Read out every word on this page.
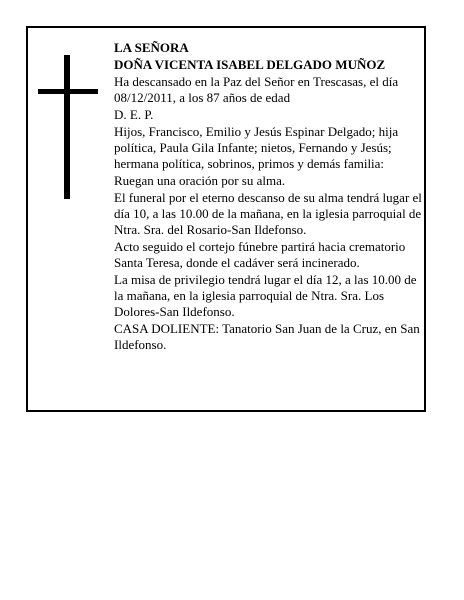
LA SEÑORA

DOÑA VICENTA ISABEL DELGADO MUÑOZ

Ha descansado en la Paz del Señor en Trescasas, el día 08/12/2011, a los 87 años de edad

D. E. P.

Hijos, Francisco, Emilio y Jesús Espinar Delgado; hija política, Paula Gila Infante; nietos, Fernando y Jesús; hermana política, sobrinos, primos y demás familia:

Ruegan una oración por su alma.

El funeral por el eterno descanso de su alma tendrá lugar el día 10, a las 10.00 de la mañana, en la iglesia parroquial de Ntra. Sra. del Rosario-San Ildefonso.

Acto seguido el cortejo fúnebre partirá hacia crematorio Santa Teresa, donde el cadáver será incinerado.

La misa de privilegio tendrá lugar el día 12, a las 10.00 de la mañana, en la iglesia parroquial de Ntra. Sra. Los Dolores-San Ildefonso.

CASA DOLIENTE: Tanatorio San Juan de la Cruz, en San Ildefonso.
